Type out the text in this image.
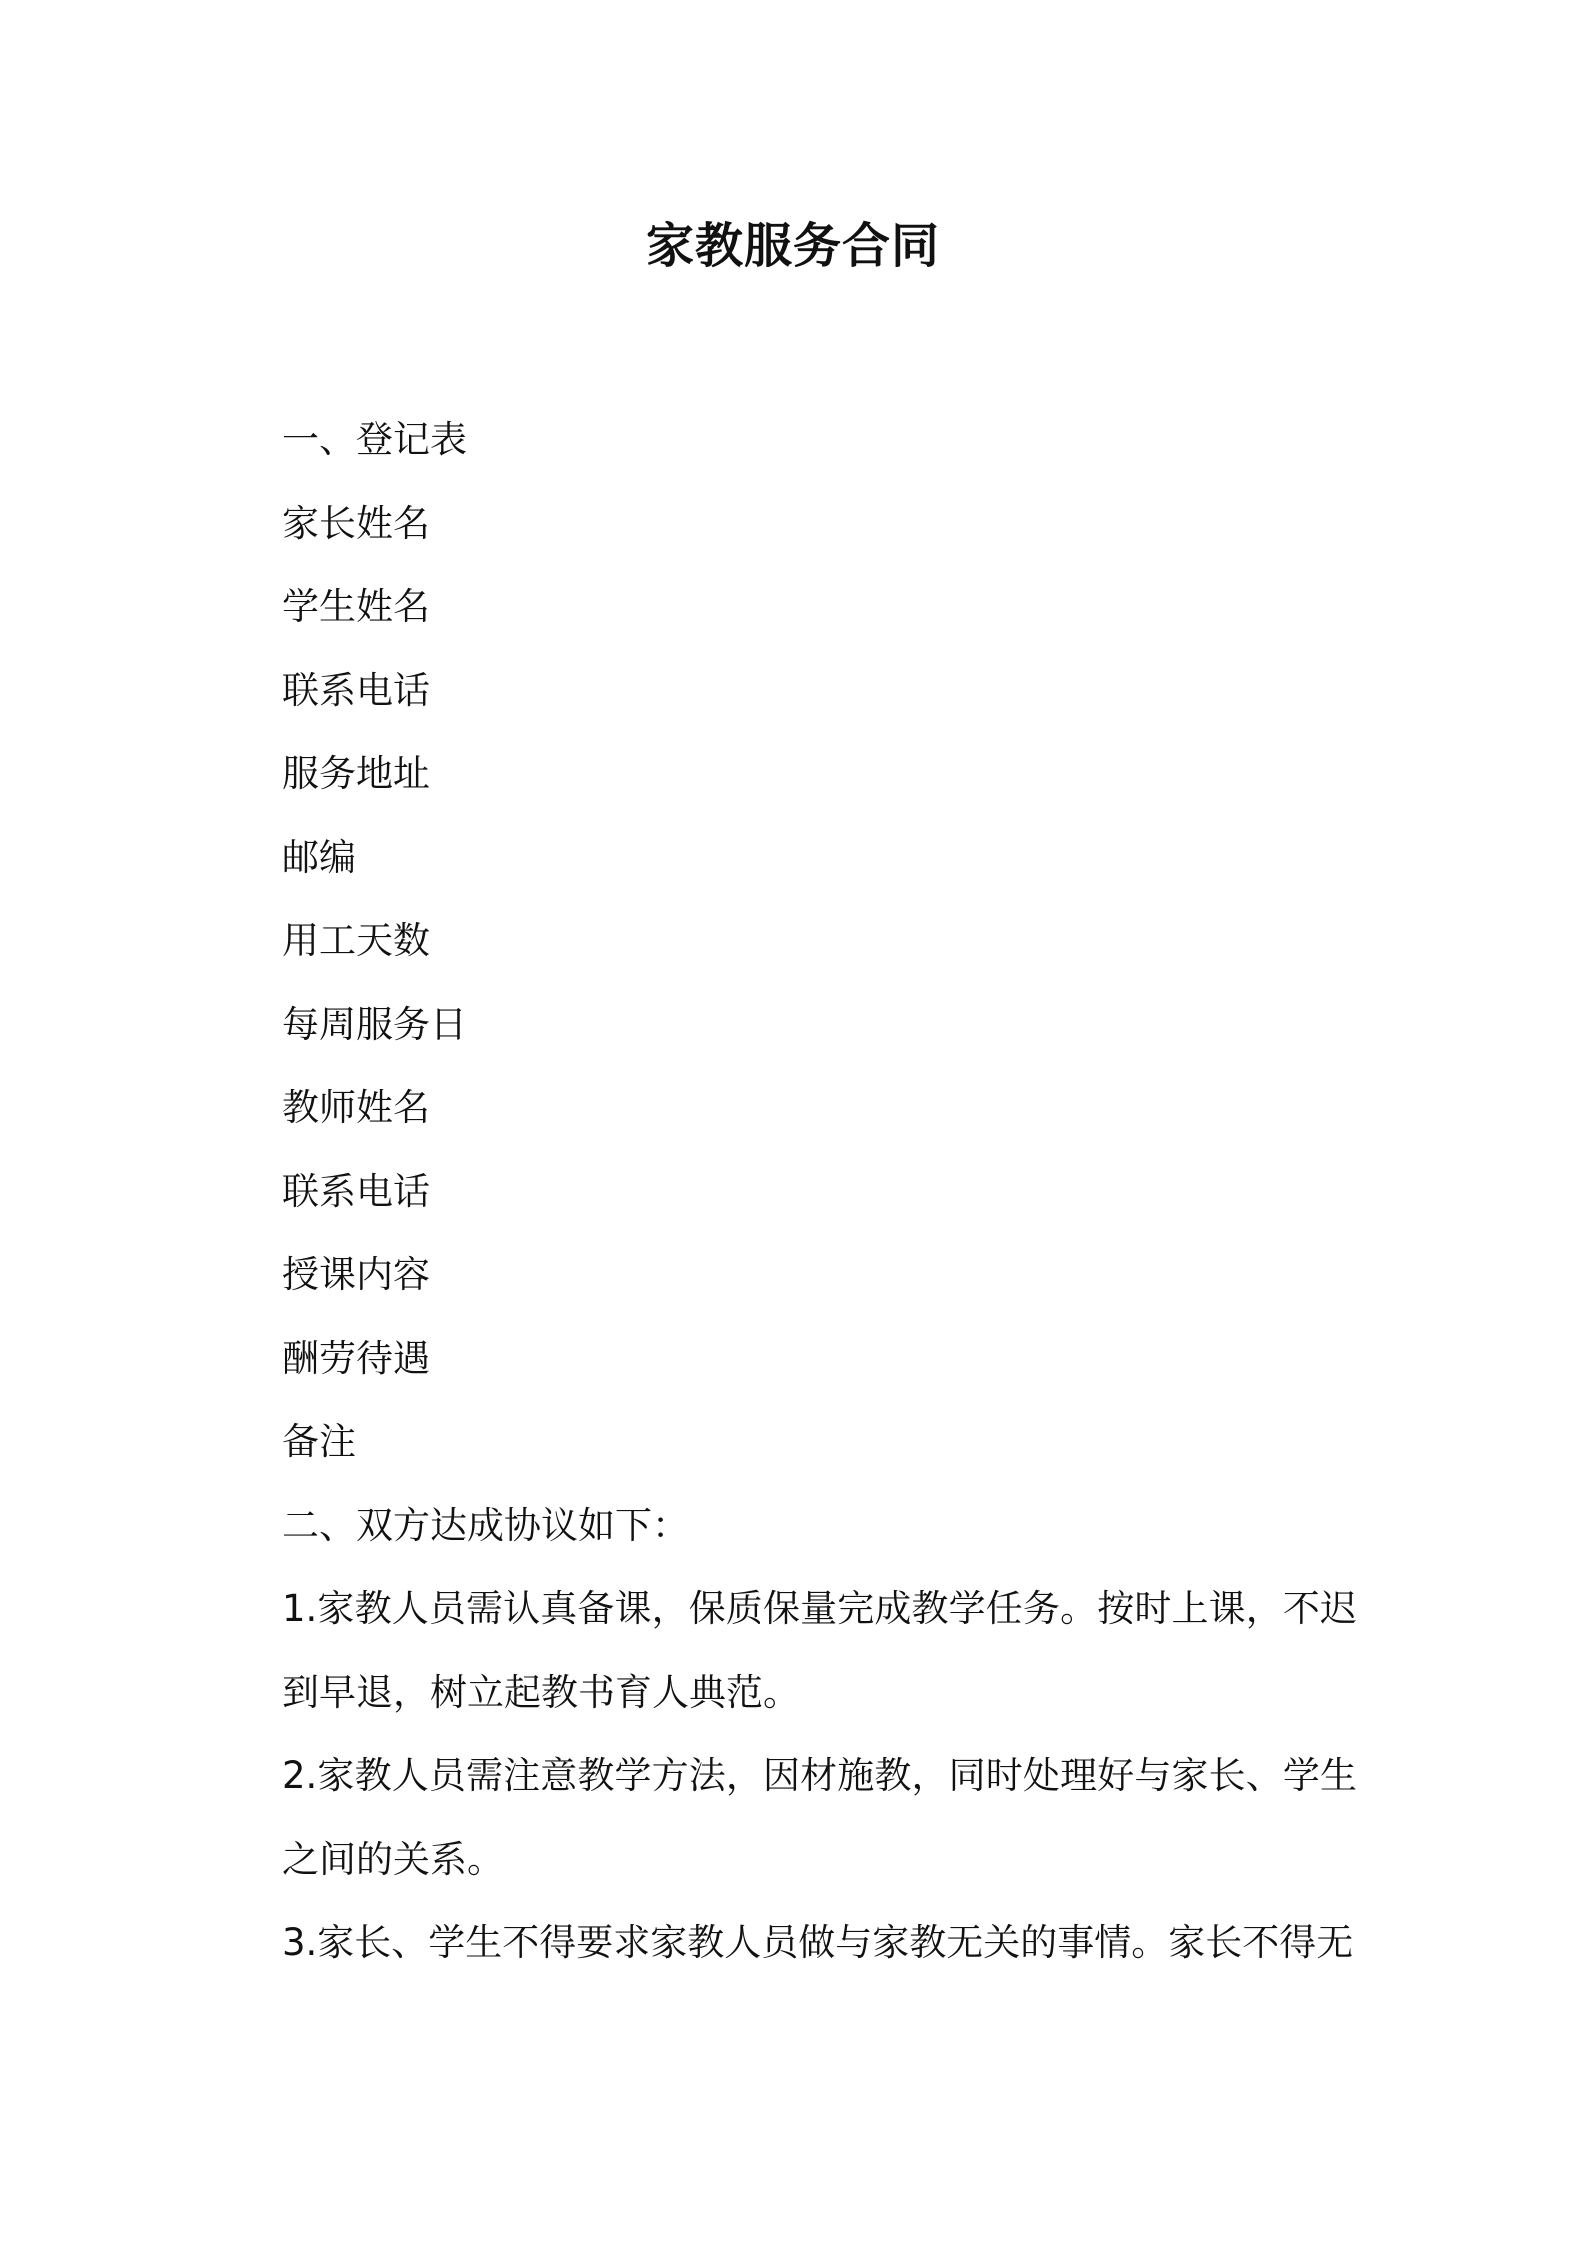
家教服务合同
一、登记表
家长姓名
学生姓名
联系电话
服务地址
邮编
用工天数
每周服务日
教师姓名
联系电话
授课内容
酬劳待遇
备注
二、双方达成协议如下：
1.家教人员需认真备课，保质保量完成教学任务。按时上课，不迟到早退，树立起教书育人典范。
2.家教人员需注意教学方法，因材施教，同时处理好与家长、学生之间的关系。
3.家长、学生不得要求家教人员做与家教无关的事情。家长不得无
